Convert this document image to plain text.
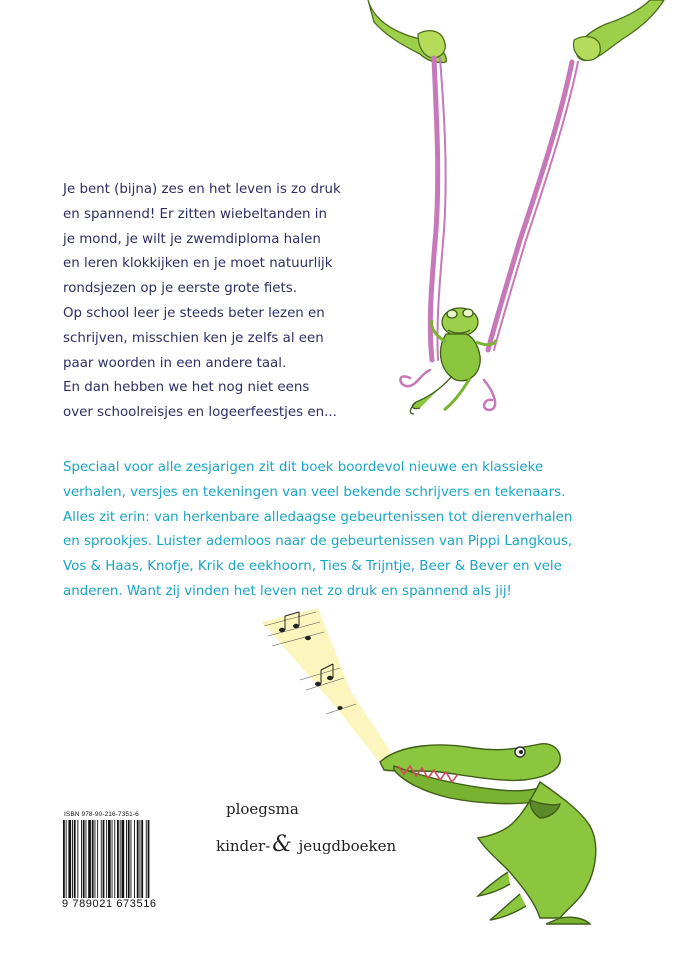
Je bent (bijna) zes en het leven is zo druk
en spannend! Er zitten wiebeltanden in
je mond, je wilt je zwemdiploma halen
en leren klokkijken en je moet natuurlijk
rondsjezen op je eerste grote fiets.
Op school leer je steeds beter lezen en
schrijven, misschien ken je zelfs al een
paar woorden in een andere taal.
En dan hebben we het nog niet eens
over schoolreisjes en logeerfeestjes en...

Speciaal voor alle zesjarigen zit dit boek boordevol nieuwe en klassieke
verhalen, versjes en tekeningen van veel bekende schrijvers en tekenaars.
Alles zit erin: van herkenbare alledaagse gebeurtenissen tot dierenverhalen
en sprookjes. Luister ademloos naar de gebeurtenissen van Pippi Langkous,
Vos & Haas, Knofje, Krik de eekhoorn, Ties & Trijntje, Beer & Bever en vele
anderen. Want zij vinden het leven net zo druk en spannend als jij!

ISBN 978-90-216-7351-6
9 789021 673516
ploegsma
kinder-& jeugdboeken
